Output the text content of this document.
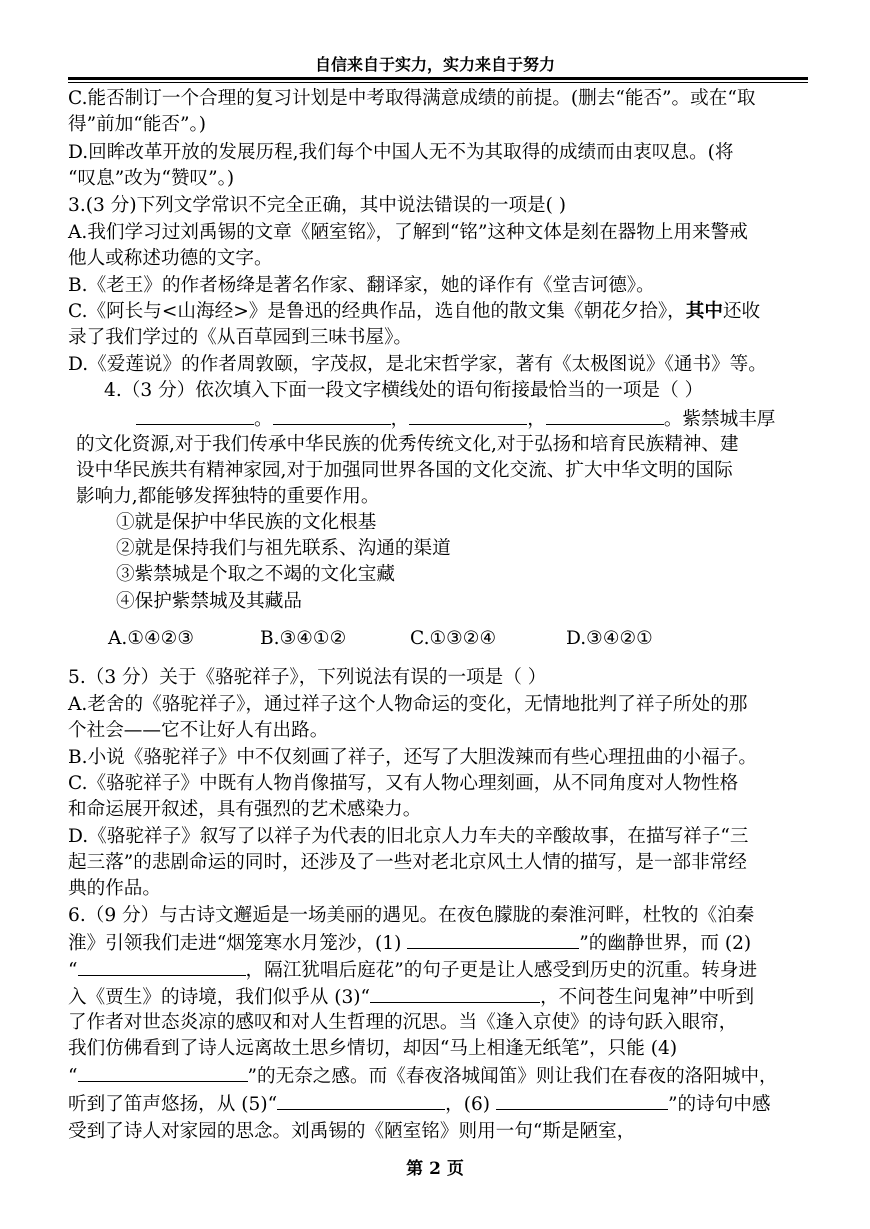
自信来自于实力，实力来自于努力
C.能否制订一个合理的复习计划是中考取得满意成绩的前提。(删去“能否”。或在“取
得”前加“能否”。)
D.回眸改革开放的发展历程,我们每个中国人无不为其取得的成绩而由衷叹息。(将
“叹息”改为“赞叹”。)
3.(3 分)下列文学常识不完全正确，其中说法错误的一项是( )
A.我们学习过刘禹锡的文章《陋室铭》，了解到“铭”这种文体是刻在器物上用来警戒
他人或称述功德的文字。
B.《老王》的作者杨绛是著名作家、翻译家，她的译作有《堂吉诃德》。
C.《阿长与<山海经>》是鲁迅的经典作品，选自他的散文集《朝花夕拾》，其中还收
录了我们学过的《从百草园到三味书屋》。
D.《爱莲说》的作者周敦颐，字茂叔，是北宋哲学家，著有《太极图说》《通书》等。
4.（3 分）依次填入下面一段文字横线处的语句衔接最恰当的一项是（ ）
。	，	，	。紫禁城丰厚
的文化资源,对于我们传承中华民族的优秀传统文化,对于弘扬和培育民族精神、建
设中华民族共有精神家园,对于加强同世界各国的文化交流、扩大中华文明的国际
影响力,都能够发挥独特的重要作用。
①就是保护中华民族的文化根基
②就是保持我们与祖先联系、沟通的渠道
③紫禁城是个取之不竭的文化宝藏
④保护紫禁城及其藏品
A.①④②③	B.③④①②	C.①③②④	D.③④②①
5.（3 分）关于《骆驼祥子》，下列说法有误的一项是（ ）
A.老舍的《骆驼祥子》，通过祥子这个人物命运的变化，无情地批判了祥子所处的那
个社会——它不让好人有出路。
B.小说《骆驼祥子》中不仅刻画了祥子，还写了大胆泼辣而有些心理扭曲的小福子。
C.《骆驼祥子》中既有人物肖像描写，又有人物心理刻画，从不同角度对人物性格
和命运展开叙述，具有强烈的艺术感染力。
D.《骆驼祥子》叙写了以祥子为代表的旧北京人力车夫的辛酸故事，在描写祥子“三
起三落”的悲剧命运的同时，还涉及了一些对老北京风土人情的描写，是一部非常经
典的作品。
6.（9 分）与古诗文邂逅是一场美丽的遇见。在夜色朦胧的秦淮河畔，杜牧的《泊秦
淮》引领我们走进“烟笼寒水月笼沙，(1)	”的幽静世界，而 (2)
“	，隔江犹唱后庭花”的句子更是让人感受到历史的沉重。转身进
入《贾生》的诗境，我们似乎从 (3)“	，不问苍生问鬼神”中听到
了作者对世态炎凉的感叹和对人生哲理的沉思。当《逢入京使》的诗句跃入眼帘，
我们仿佛看到了诗人远离故土思乡情切，却因“马上相逢无纸笔”，只能 (4)
“	”的无奈之感。而《春夜洛城闻笛》则让我们在春夜的洛阳城中，
听到了笛声悠扬，从 (5)“	，(6)	”的诗句中感
受到了诗人对家园的思念。刘禹锡的《陋室铭》则用一句“斯是陋室，
第 2 页
